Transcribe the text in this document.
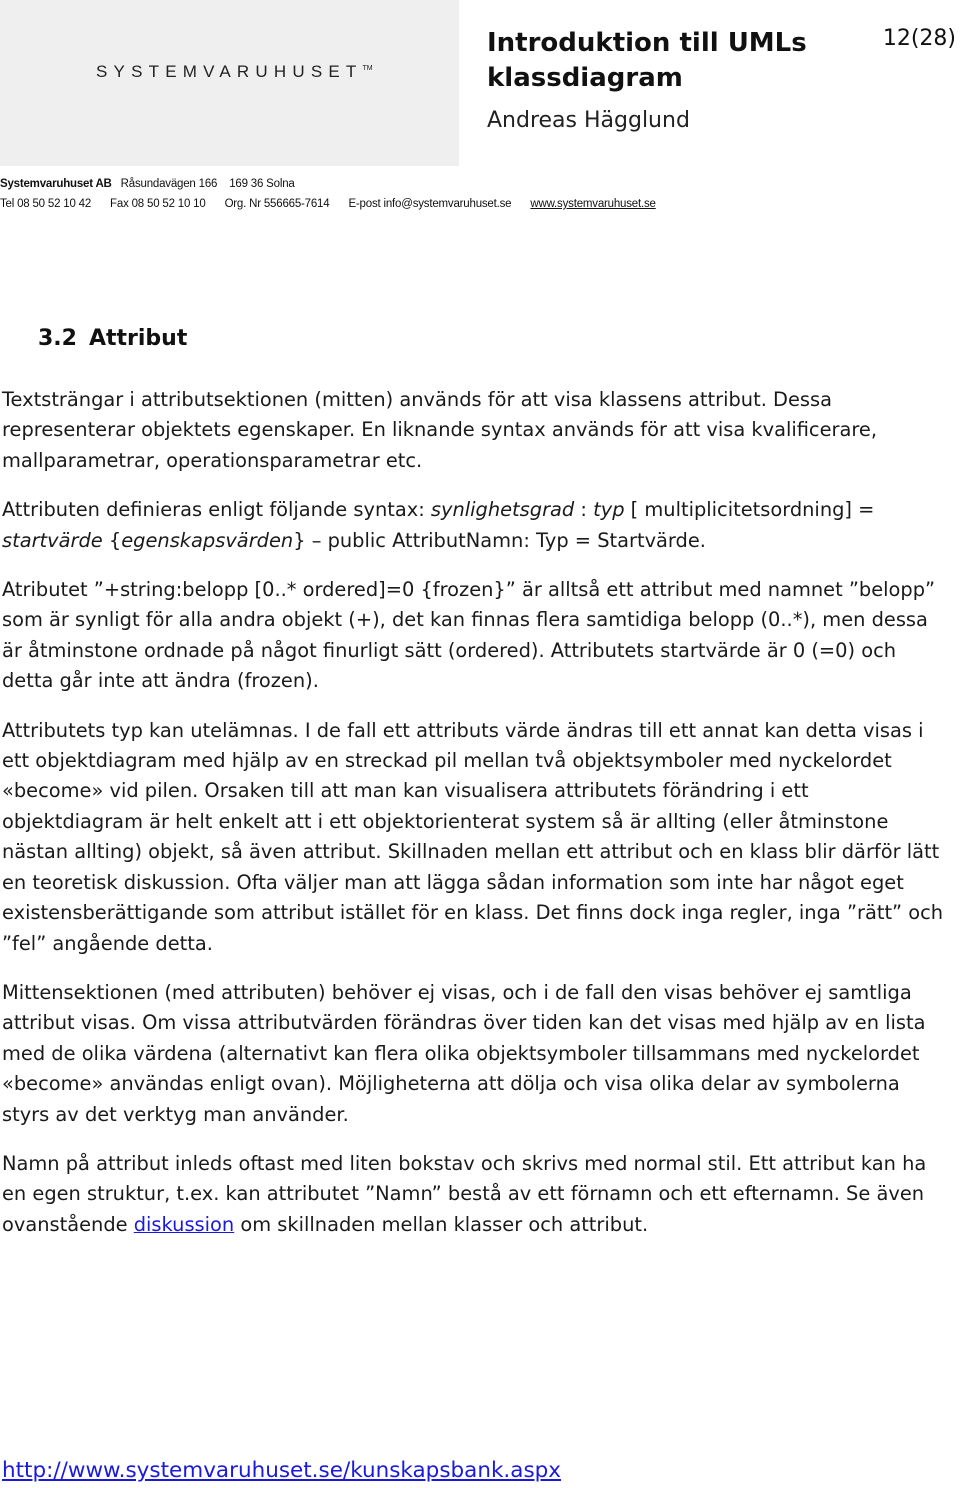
SYSTEMVARUHUSET™
Introduktion till UMLs klassdiagram
12(28)
Andreas Hägglund
Systemvaruhuset AB Råsundavägen 166 169 36 Solna
Tel 08 50 52 10 42 Fax 08 50 52 10 10 Org. Nr 556665-7614 E-post info@systemvaruhuset.se www.systemvaruhuset.se
3.2 Attribut

Textsträngar i attributsektionen (mitten) används för att visa klassens attribut. Dessa representerar objektets egenskaper. En liknande syntax används för att visa kvalificerare, mallparametrar, operationsparametrar etc.

Attributen definieras enligt följande syntax: synlighetsgrad : typ [ multiplicitetsordning] = startvärde {egenskapsvärden} – public AttributNamn: Typ = Startvärde.

Atributet ”+string:belopp [0..* ordered]=0 {frozen}” är alltså ett attribut med namnet ”belopp” som är synligt för alla andra objekt (+), det kan finnas flera samtidiga belopp (0..*), men dessa är åtminstone ordnade på något finurligt sätt (ordered). Attributets startvärde är 0 (=0) och detta går inte att ändra (frozen).

Attributets typ kan utelämnas. I de fall ett attributs värde ändras till ett annat kan detta visas i ett objektdiagram med hjälp av en streckad pil mellan två objektsymboler med nyckelordet «become» vid pilen. Orsaken till att man kan visualisera attributets förändring i ett objektdiagram är helt enkelt att i ett objektorienterat system så är allting (eller åtminstone nästan allting) objekt, så även attribut. Skillnaden mellan ett attribut och en klass blir därför lätt en teoretisk diskussion. Ofta väljer man att lägga sådan information som inte har något eget existensberättigande som attribut istället för en klass. Det finns dock inga regler, inga ”rätt” och ”fel” angående detta.

Mittensektionen (med attributen) behöver ej visas, och i de fall den visas behöver ej samtliga attribut visas. Om vissa attributvärden förändras över tiden kan det visas med hjälp av en lista med de olika värdena (alternativt kan flera olika objektsymboler tillsammans med nyckelordet «become» användas enligt ovan). Möjligheterna att dölja och visa olika delar av symbolerna styrs av det verktyg man använder.

Namn på attribut inleds oftast med liten bokstav och skrivs med normal stil. Ett attribut kan ha en egen struktur, t.ex. kan attributet ”Namn” bestå av ett förnamn och ett efternamn. Se även ovanstående diskussion om skillnaden mellan klasser och attribut.

http://www.systemvaruhuset.se/kunskapsbank.aspx
